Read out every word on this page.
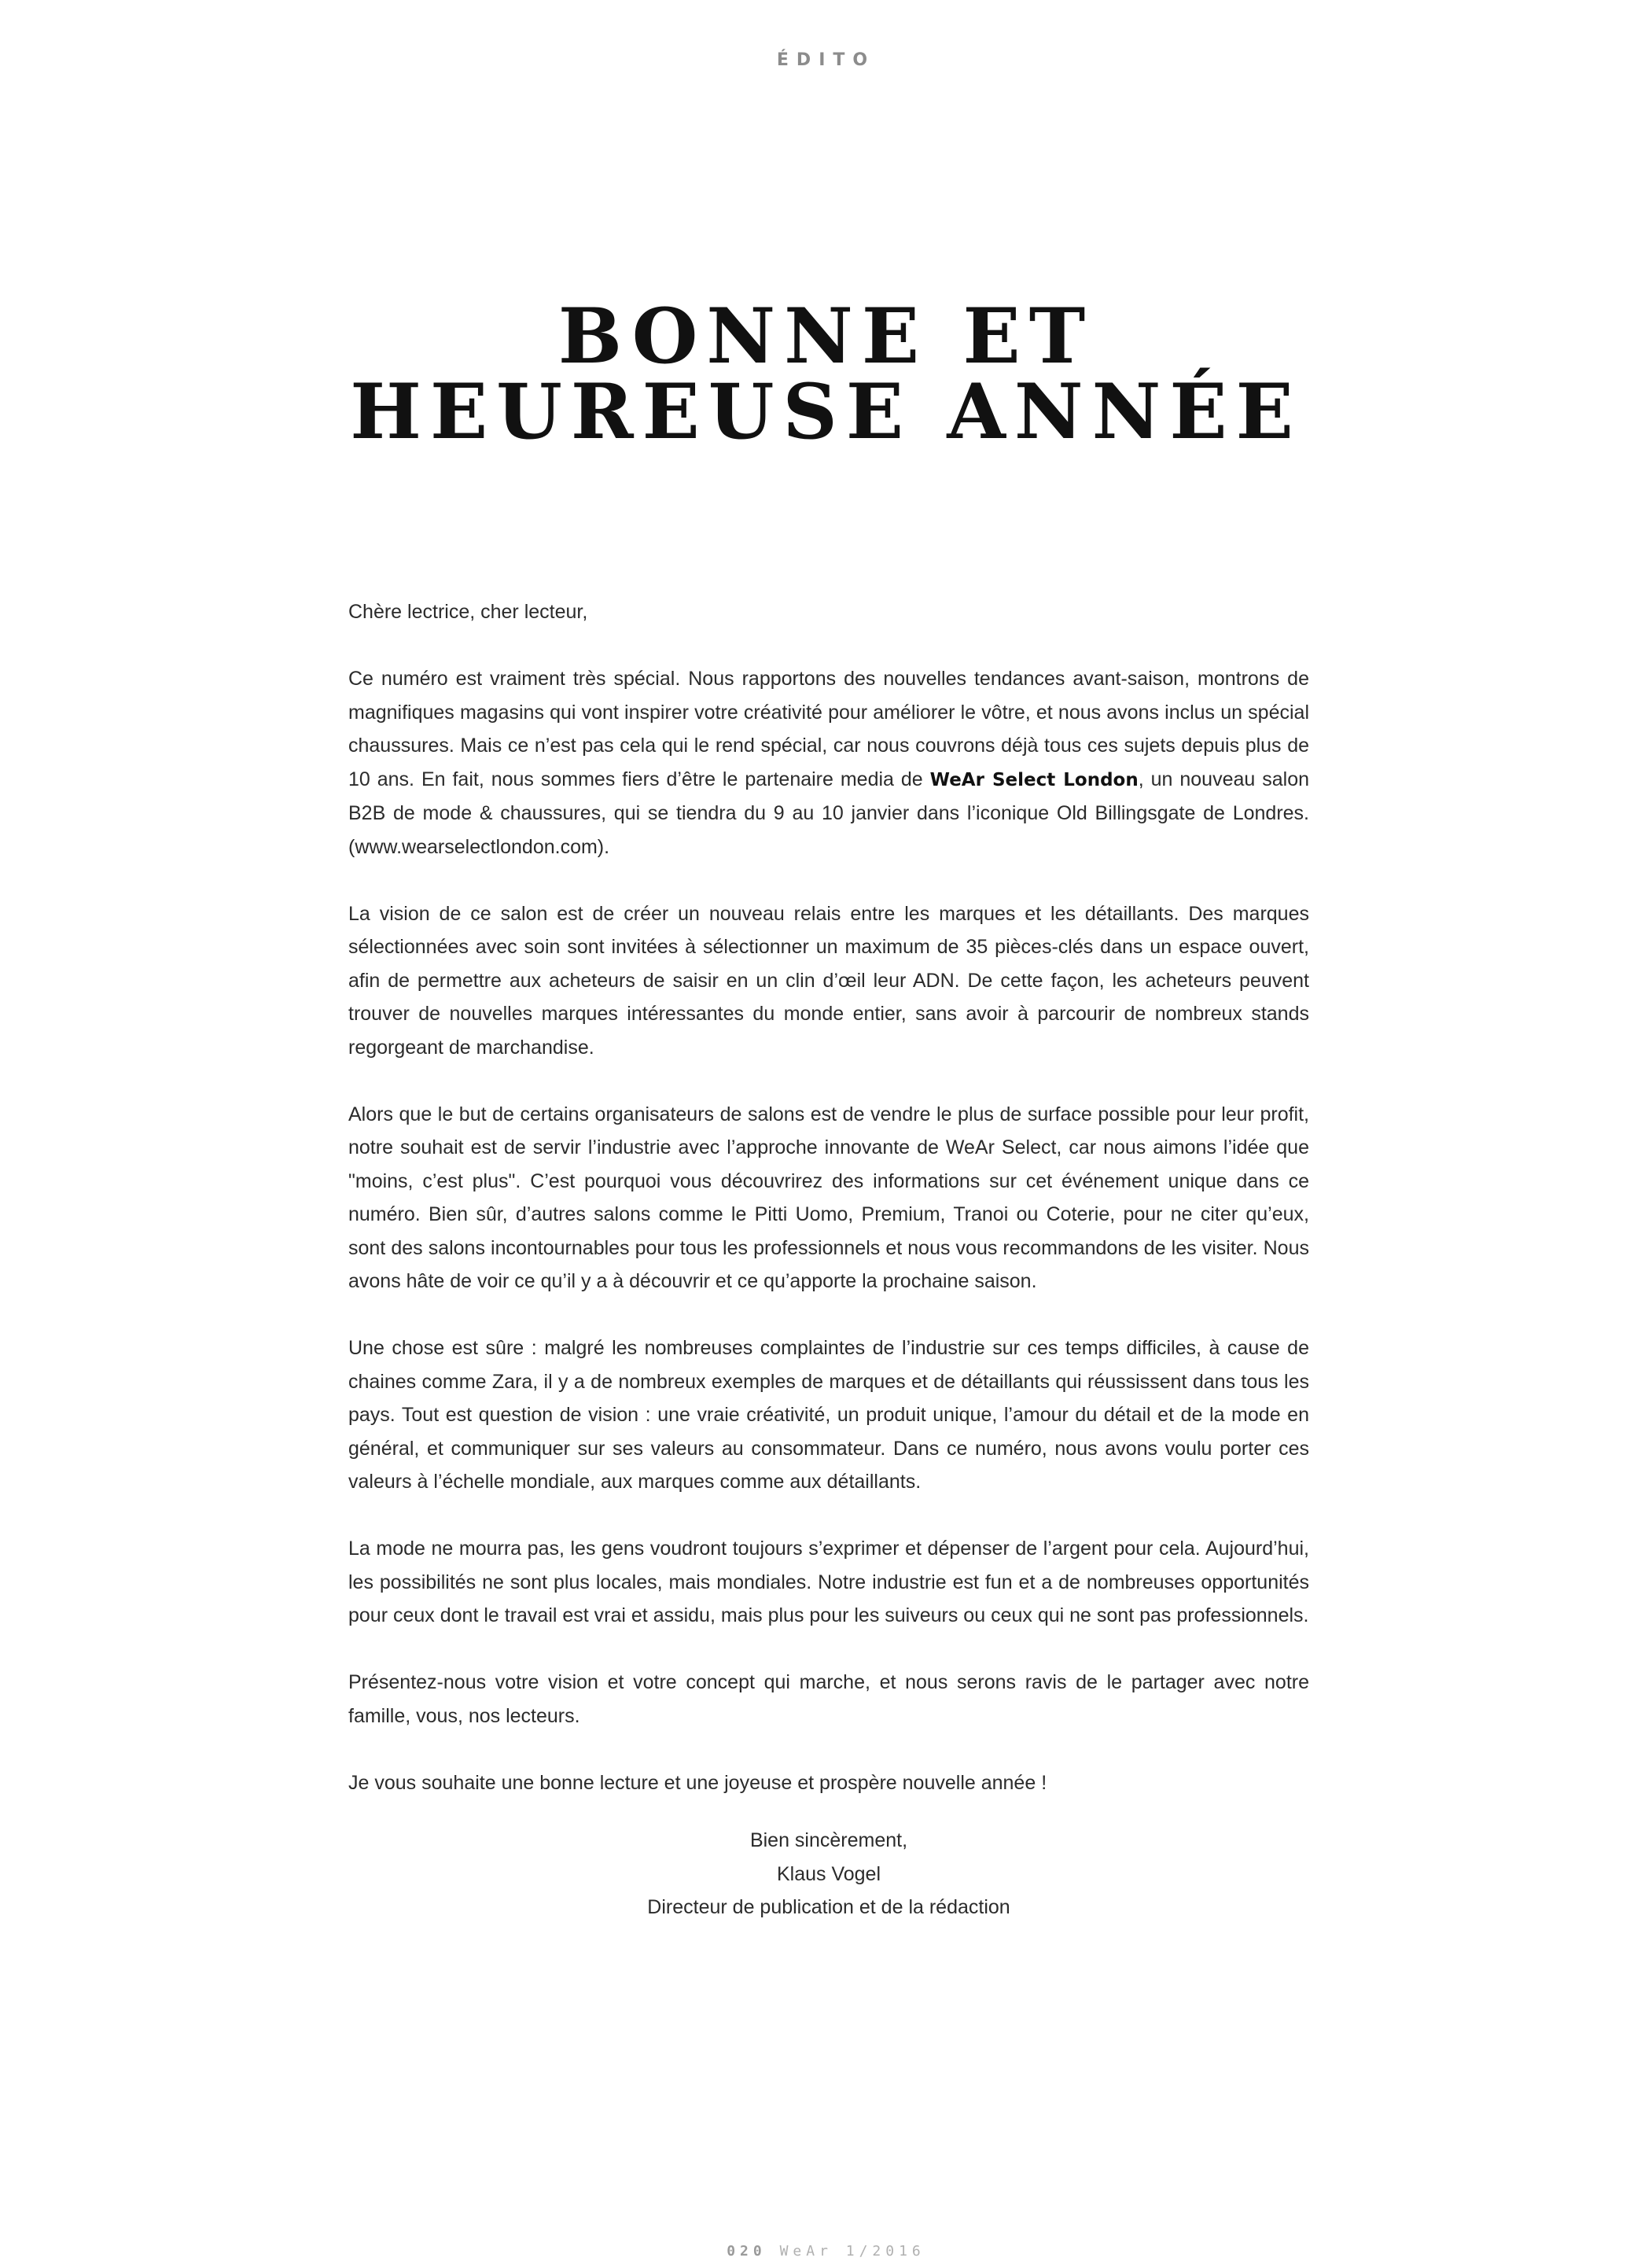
ÉDITO
BONNE ET
HEUREUSE ANNÉE

Chère lectrice, cher lecteur,

Ce numéro est vraiment très spécial. Nous rapportons des nouvelles tendances avant-saison, montrons de magnifiques magasins qui vont inspirer votre créativité pour améliorer le vôtre, et nous avons inclus un spécial chaussures. Mais ce n’est pas cela qui le rend spécial, car nous couvrons déjà tous ces sujets depuis plus de 10 ans. En fait, nous sommes fiers d’être le partenaire media de WeAr Select London, un nouveau salon B2B de mode & chaussures, qui se tiendra du 9 au 10 janvier dans l’iconique Old Billingsgate de Londres. (www.wearselectlondon.com).

La vision de ce salon est de créer un nouveau relais entre les marques et les détaillants. Des marques sélectionnées avec soin sont invitées à sélectionner un maximum de 35 pièces-clés dans un espace ouvert, afin de permettre aux acheteurs de saisir en un clin d’œil leur ADN. De cette façon, les acheteurs peuvent trouver de nouvelles marques intéressantes du monde entier, sans avoir à parcourir de nombreux stands regorgeant de marchandise.

Alors que le but de certains organisateurs de salons est de vendre le plus de surface possible pour leur profit, notre souhait est de servir l’industrie avec l’approche innovante de WeAr Select, car nous aimons l’idée que "moins, c’est plus". C’est pourquoi vous découvrirez des informations sur cet événement unique dans ce numéro. Bien sûr, d’autres salons comme le Pitti Uomo, Premium, Tranoi ou Coterie, pour ne citer qu’eux, sont des salons incontournables pour tous les professionnels et nous vous recommandons de les visiter. Nous avons hâte de voir ce qu’il y a à découvrir et ce qu’apporte la prochaine saison.

Une chose est sûre : malgré les nombreuses complaintes de l’industrie sur ces temps difficiles, à cause de chaines comme Zara, il y a de nombreux exemples de marques et de détaillants qui réussissent dans tous les pays. Tout est question de vision : une vraie créativité, un produit unique, l’amour du détail et de la mode en général, et communiquer sur ses valeurs au consommateur. Dans ce numéro, nous avons voulu porter ces valeurs à l’échelle mondiale, aux marques comme aux détaillants.

La mode ne mourra pas, les gens voudront toujours s’exprimer et dépenser de l’argent pour cela. Aujourd’hui, les possibilités ne sont plus locales, mais mondiales. Notre industrie est fun et a de nombreuses opportunités pour ceux dont le travail est vrai et assidu, mais plus pour les suiveurs ou ceux qui ne sont pas professionnels.

Présentez-nous votre vision et votre concept qui marche, et nous serons ravis de le partager avec notre famille, vous, nos lecteurs.

Je vous souhaite une bonne lecture et une joyeuse et prospère nouvelle année !

Bien sincèrement,
Klaus Vogel
Directeur de publication et de la rédaction
020 WeAr 1/2016
